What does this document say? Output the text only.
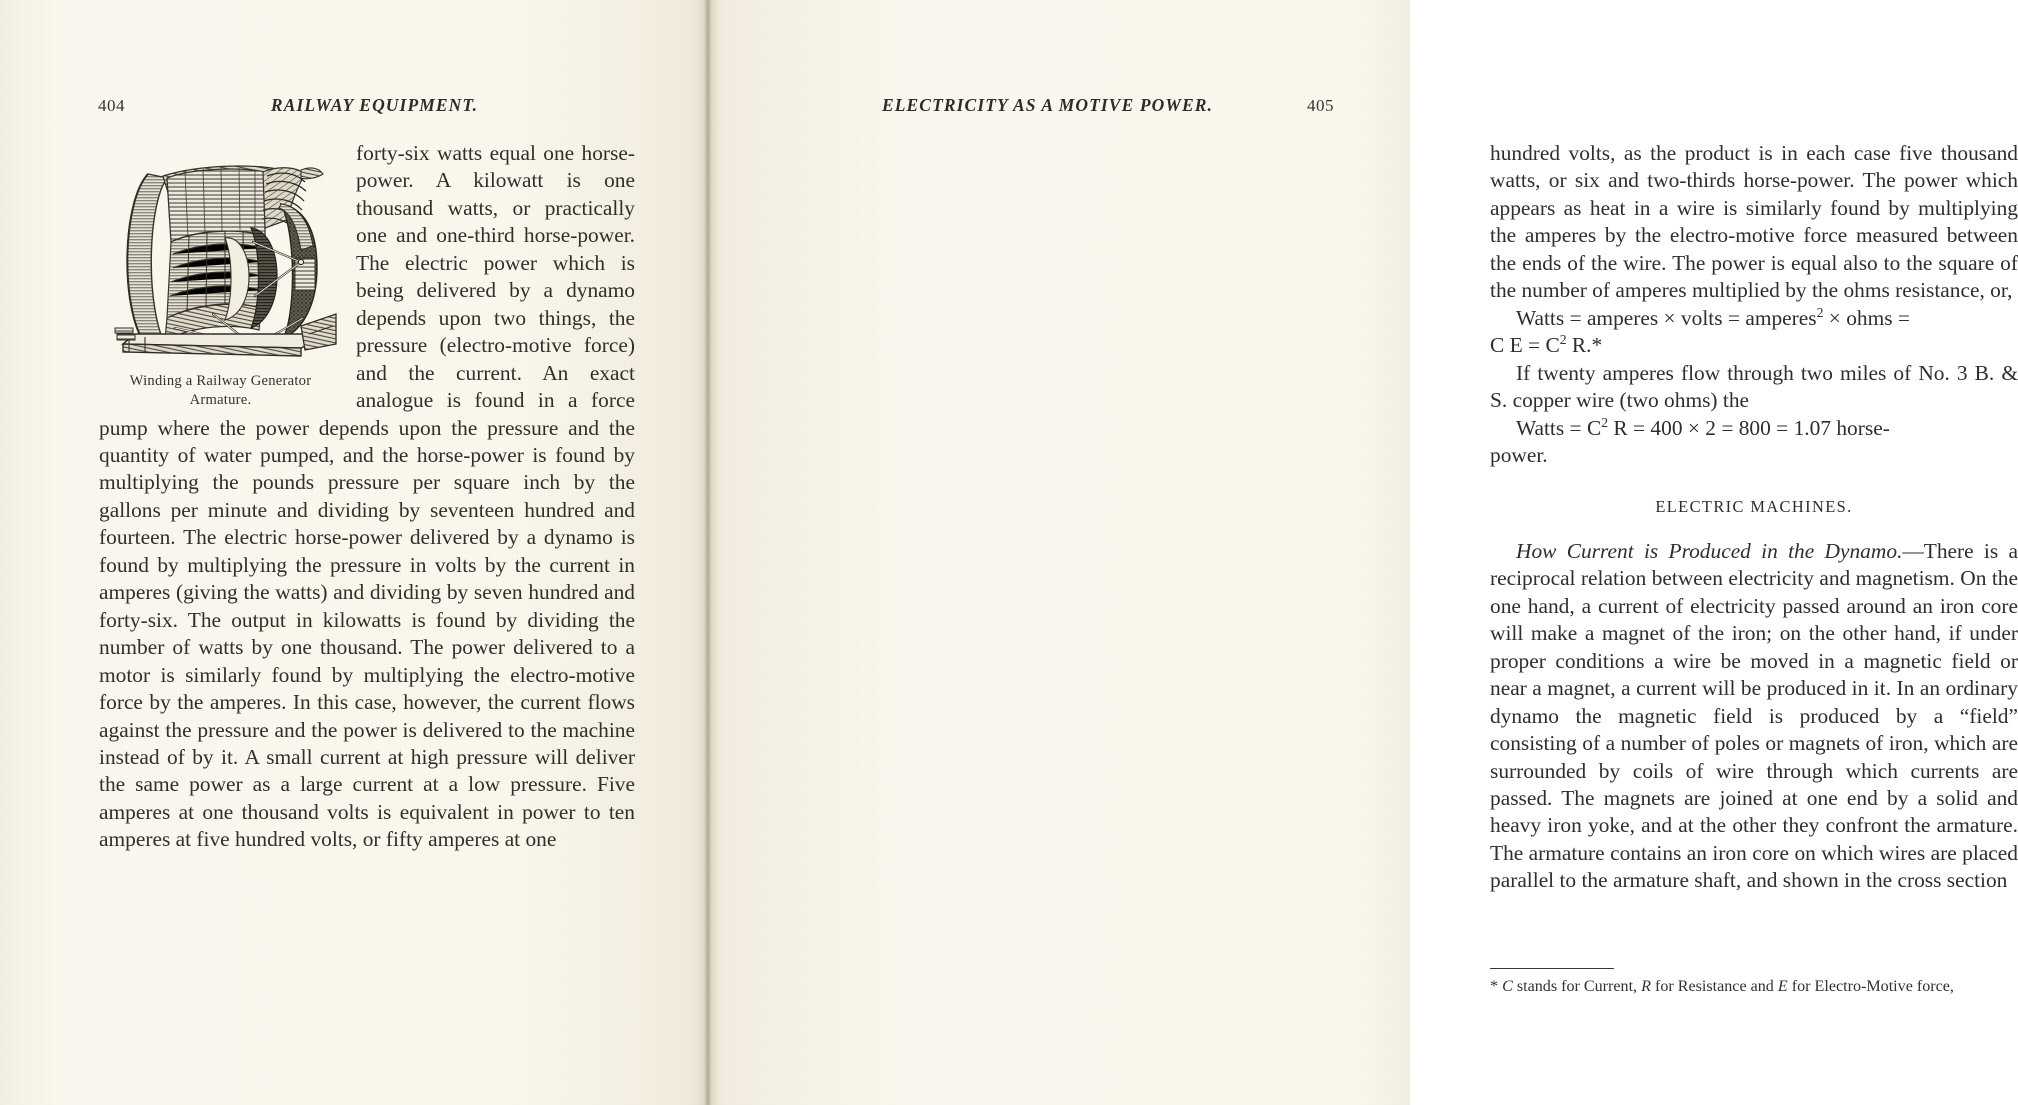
404	RAILWAY EQUIPMENT.
Winding a Railway Generator
Armature.

forty-six watts equal one horse-power. A kilowatt is one thousand watts, or practically one and one-third horse-power. The electric power which is being delivered by a dynamo depends upon two things, the pressure (electro-motive force) and the current. An exact analogue is found in a force pump where the power depends upon the pressure and the quantity of water pumped, and the horse-power is found by multiplying the pounds pressure per square inch by the gallons per minute and dividing by seventeen hundred and fourteen. The electric horse-power delivered by a dynamo is found by multiplying the pressure in volts by the current in amperes (giving the watts) and dividing by seven hundred and forty-six. The output in kilowatts is found by dividing the number of watts by one thousand. The power delivered to a motor is similarly found by multiplying the electro-motive force by the amperes. In this case, however, the current flows against the pressure and the power is delivered to the machine instead of by it. A small current at high pressure will deliver the same power as a large current at a low pressure. Five amperes at one thousand volts is equivalent in power to ten amperes at five hundred volts, or fifty amperes at one

ELECTRICITY AS A MOTIVE POWER.	405

hundred volts, as the product is in each case five thousand watts, or six and two-thirds horse-power. The power which appears as heat in a wire is similarly found by multiplying the amperes by the electro-motive force measured between the ends of the wire. The power is equal also to the square of the number of amperes multiplied by the ohms resistance, or,

Watts = amperes × volts = amperes$^2$ × ohms =

C $E = C^2$ R.*

If twenty amperes flow through two miles of No. 3 B. & S. copper wire (two ohms) the

Watts = $C^2$ R = 400 × 2 = 800 = 1.07 horse-

power.

ELECTRIC MACHINES.

How Current is Produced in the Dynamo.—There is a reciprocal relation between electricity and magnetism. On the one hand, a current of electricity passed around an iron core will make a magnet of the iron; on the other hand, if under proper conditions a wire be moved in a magnetic field or near a magnet, a current will be produced in it. In an ordinary dynamo the magnetic field is produced by a “field” consisting of a number of poles or magnets of iron, which are surrounded by coils of wire through which currents are passed. The magnets are joined at one end by a solid and heavy iron yoke, and at the other they confront the armature. The armature contains an iron core on which wires are placed parallel to the armature shaft, and shown in the cross section

* C stands for Current, R for Resistance and E for Electro-Motive force,
